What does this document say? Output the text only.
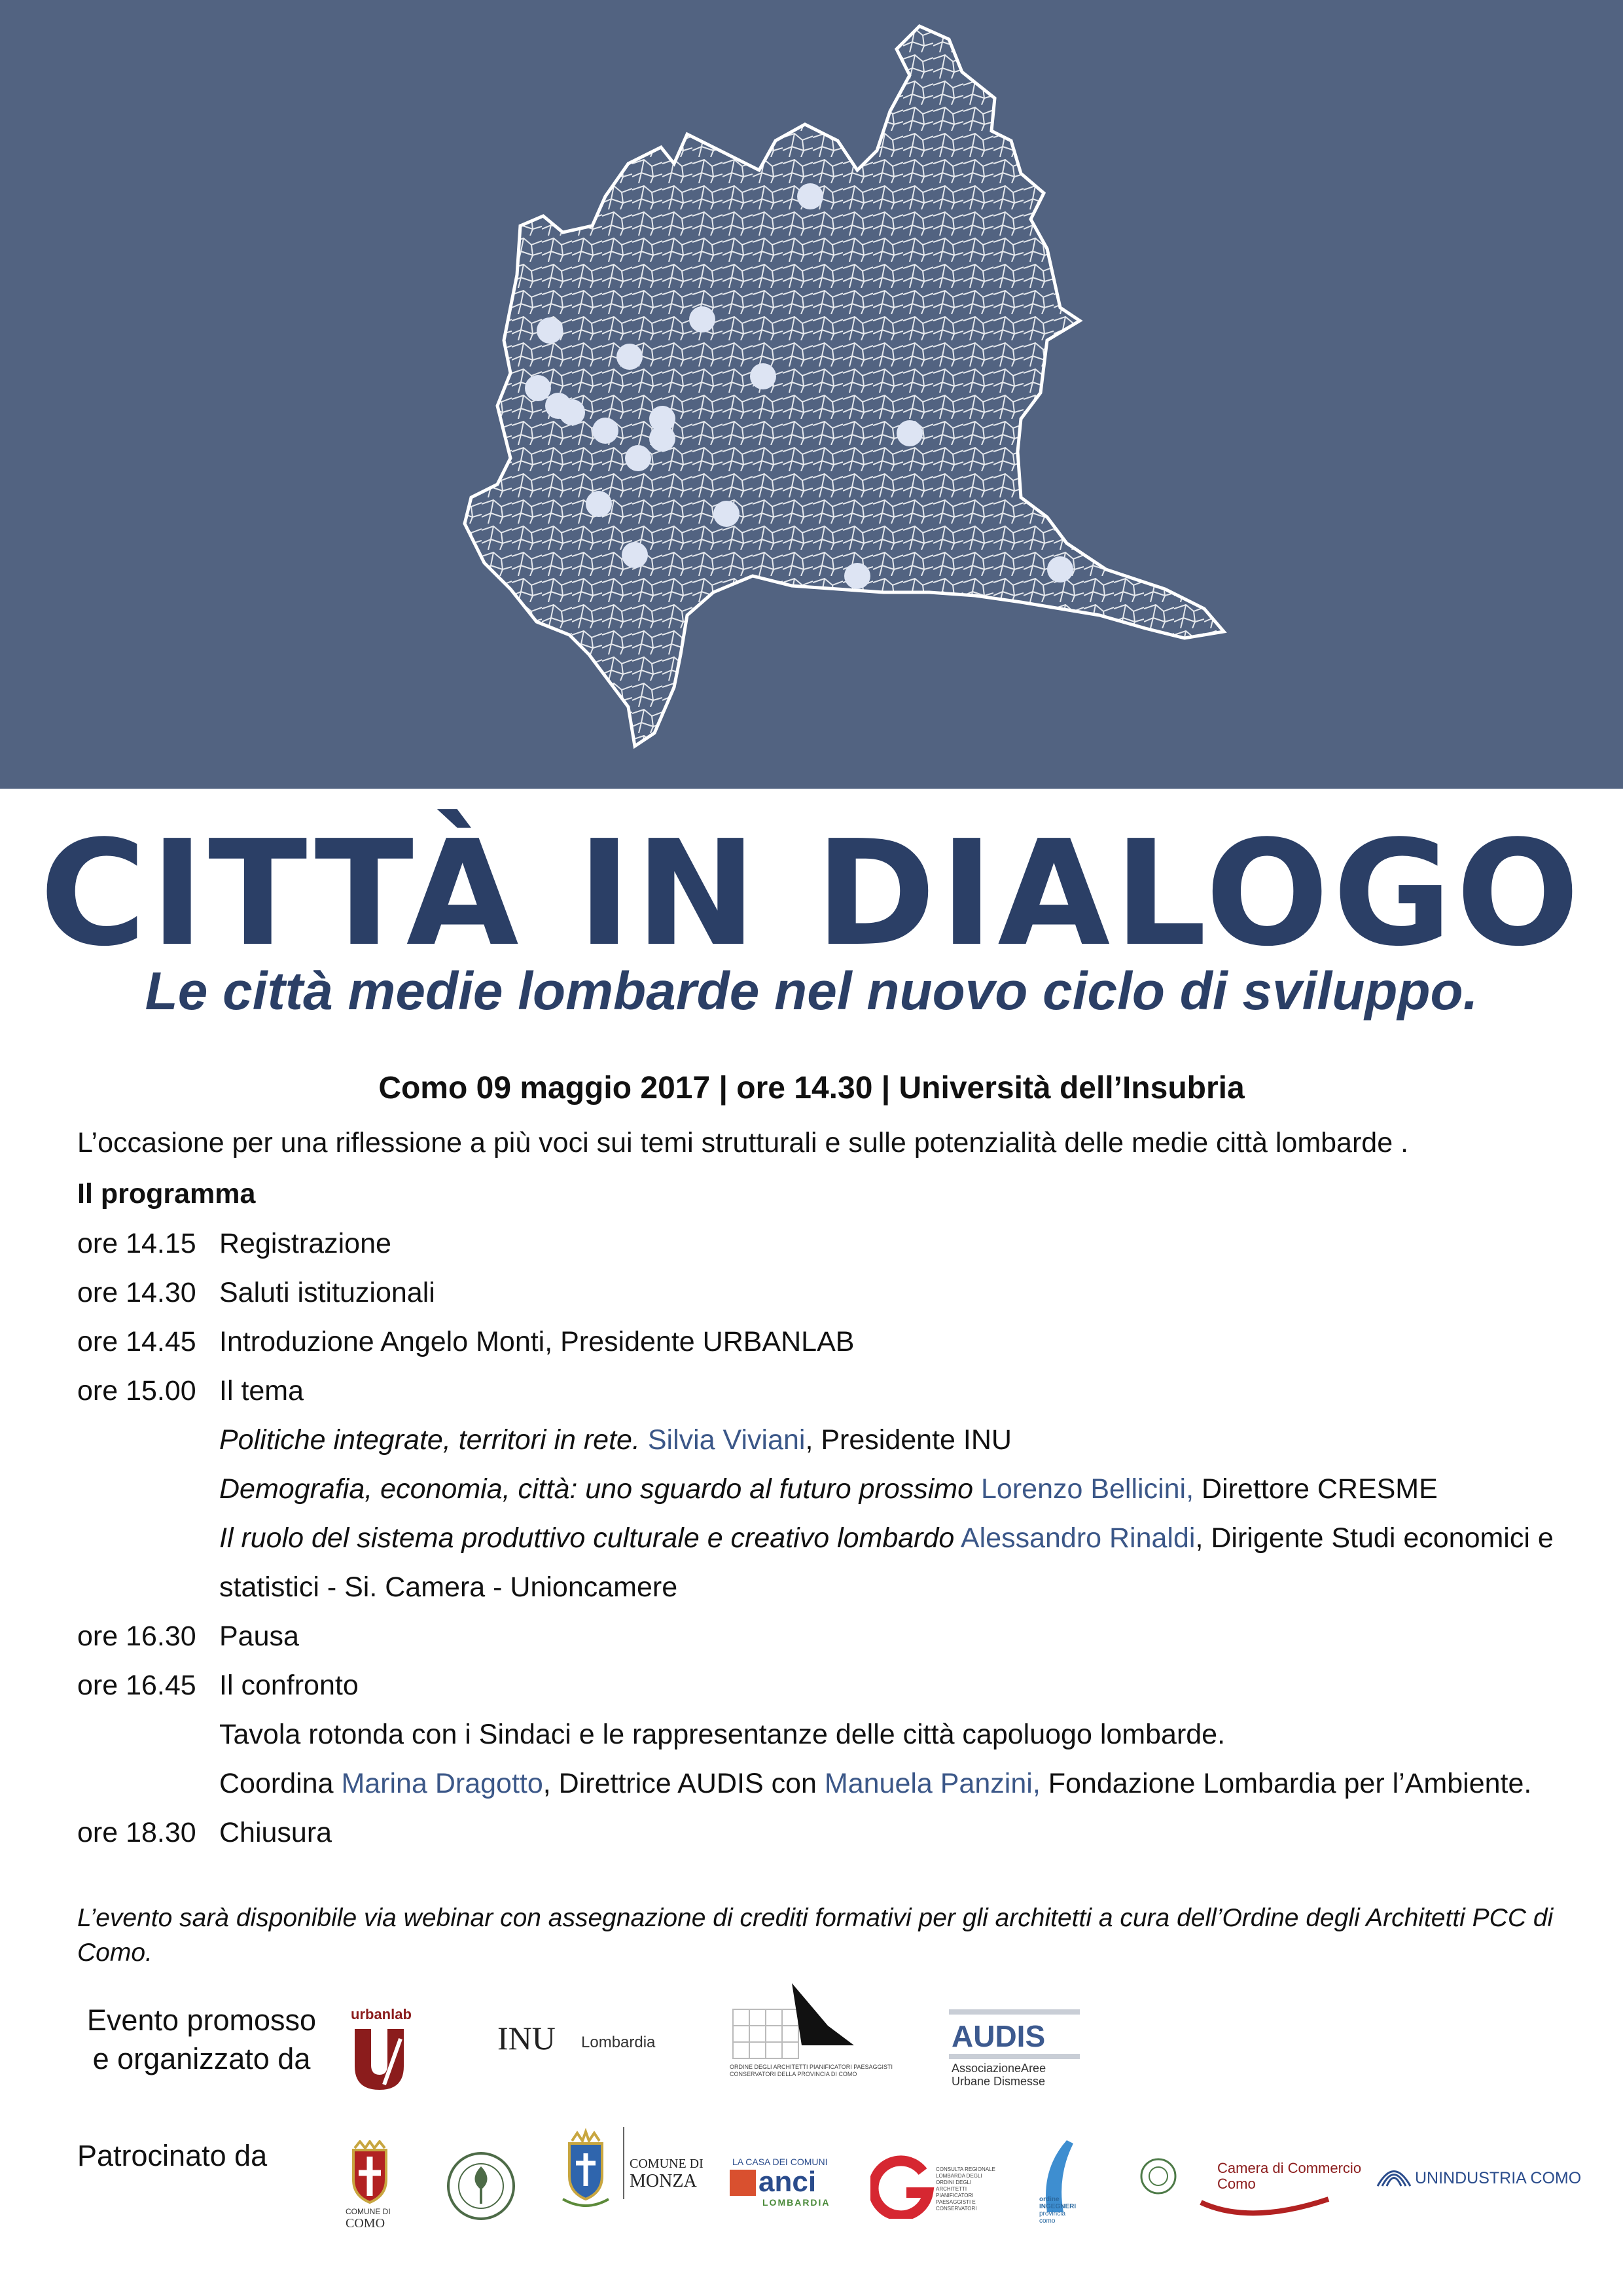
CITTÀ IN DIALOGO
Le città medie lombarde nel nuovo ciclo di sviluppo.
Como 09 maggio 2017 | ore 14.30 | Università dell’Insubria
L’occasione per una riflessione a più voci sui temi strutturali e sulle potenzialità delle medie città lombarde .
Il programma
ore 14.15 Registrazione
ore 14.30 Saluti istituzionali
ore 14.45 Introduzione Angelo Monti, Presidente URBANLAB
ore 15.00 Il tema
Politiche integrate, territori in rete. Silvia Viviani, Presidente INU
Demografia, economia, città: uno sguardo al futuro prossimo Lorenzo Bellicini, Direttore CRESME
Il ruolo del sistema produttivo culturale e creativo lombardo Alessandro Rinaldi, Dirigente Studi economici e
statistici - Si. Camera - Unioncamere
ore 16.30 Pausa
ore 16.45 Il confronto
Tavola rotonda con i Sindaci e le rappresentanze delle città capoluogo lombarde.
Coordina Marina Dragotto, Direttrice AUDIS con Manuela Panzini, Fondazione Lombardia per l’Ambiente.
ore 18.30 Chiusura
L’evento sarà disponibile via webinar con assegnazione di crediti formativi per gli architetti a cura dell’Ordine degli Architetti PCC di Como.
Evento promosso
e organizzato da
urbanlab
INU Lombardia
ORDINE DEGLI ARCHITETTI PIANIFICATORI PAESAGGISTI CONSERVATORI DELLA PROVINCIA DI COMO
AUDIS
AssociazioneAree
Urbane Dismesse
Patrocinato da
COMUNE DI
COMO
COMUNE DI
MONZA
LA CASA DEI COMUNI
anci
LOMBARDIA
CONSULTA REGIONALE LOMBARDA DEGLI ORDINI DEGLI ARCHITETTI PIANIFICATORI PAESAGGISTI E CONSERVATORI
ordine
INGEGNERI
provincia
como
Camera di Commercio
Como	UNINDUSTRIA COMO
